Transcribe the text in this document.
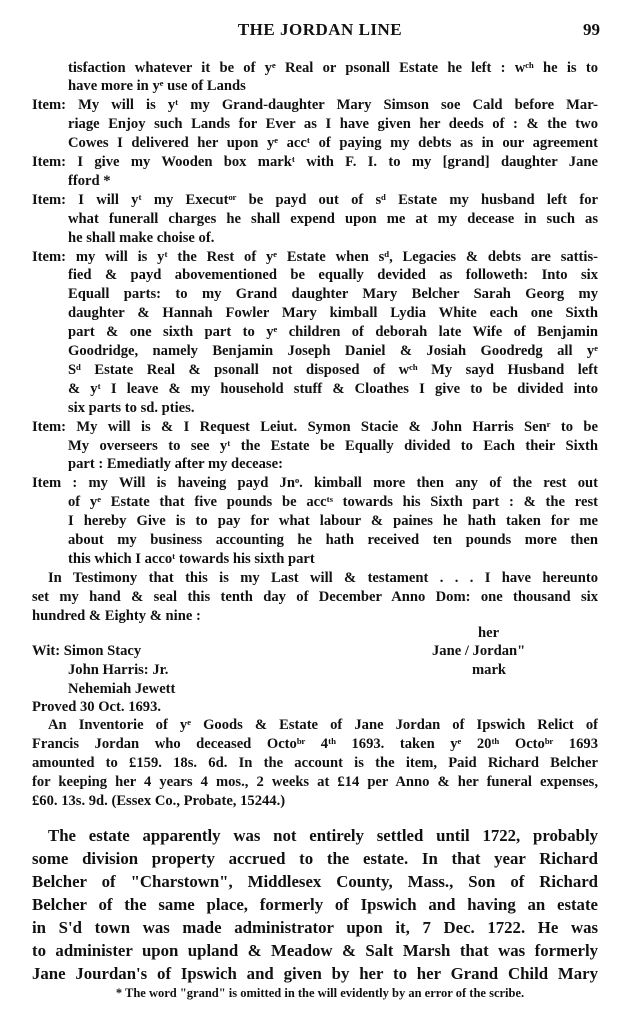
THE JORDAN LINE	99
tisfaction whatever it be of yᵉ Real or psonall Estate he left : wᶜʰ he is to
have more in yᵉ use of Lands
Item: My will is yᵗ my Grand-daughter Mary Simson soe Cald before Mar-
riage Enjoy such Lands for Ever as I have given her deeds of : & the two
Cowes I delivered her upon yᵉ accᵗ of paying my debts as in our agreement
Item: I give my Wooden box markᵗ with F. I. to my [grand] daughter Jane
fford *
Item: I will yᵗ my Executᵒʳ be payd out of sᵈ Estate my husband left for
what funerall charges he shall expend upon me at my decease in such as
he shall make choise of.
Item: my will is yᵗ the Rest of yᵉ Estate when sᵈ, Legacies & debts are sattis-
fied & payd abovementioned be equally devided as followeth: Into six
Equall parts: to my Grand daughter Mary Belcher Sarah Georg my
daughter & Hannah Fowler Mary kimball Lydia White each one Sixth
part & one sixth part to yᵉ children of deborah late Wife of Benjamin
Goodridge, namely Benjamin Joseph Daniel & Josiah Goodredg all yᵉ
Sᵈ Estate Real & psonall not disposed of wᶜʰ My sayd Husband left
& yᵗ I leave & my household stuff & Cloathes I give to be divided into
six parts to sd. pties.
Item: My will is & I Request Leiut. Symon Stacie & John Harris Senʳ to be
My overseers to see yᵗ the Estate be Equally divided to Each their Sixth
part : Emediatly after my decease:
Item : my Will is haveing payd Jnᵒ. kimball more then any of the rest out
of yᵉ Estate that five pounds be accᵗˢ towards his Sixth part : & the rest
I hereby Give is to pay for what labour & paines he hath taken for me
about my business accounting he hath received ten pounds more then
this which I accoᵗ towards his sixth part
In Testimony that this is my Last will & testament . . . I have hereunto
set my hand & seal this tenth day of December Anno Dom: one thousand six
hundred & Eighty & nine :
her
Wit: Simon Stacy	Jane / Jordan"
John Harris: Jr.	mark
Nehemiah Jewett
Proved 30 Oct. 1693.
An Inventorie of yᵉ Goods & Estate of Jane Jordan of Ipswich Relict of
Francis Jordan who deceased Octoᵇʳ 4ᵗʰ 1693. taken yᵉ 20ᵗʰ Octoᵇʳ 1693
amounted to £159. 18s. 6d. In the account is the item, Paid Richard Belcher
for keeping her 4 years 4 mos., 2 weeks at £14 per Anno & her funeral expenses,
£60. 13s. 9d. (Essex Co., Probate, 15244.)
The estate apparently was not entirely settled until 1722, probably
some division property accrued to the estate. In that year Richard
Belcher of "Charstown", Middlesex County, Mass., Son of Richard
Belcher of the same place, formerly of Ipswich and having an estate
in S'd town was made administrator upon it, 7 Dec. 1722. He was
to administer upon upland & Meadow & Salt Marsh that was formerly
Jane Jourdan's of Ipswich and given by her to her Grand Child Mary
* The word "grand" is omitted in the will evidently by an error of the scribe.
